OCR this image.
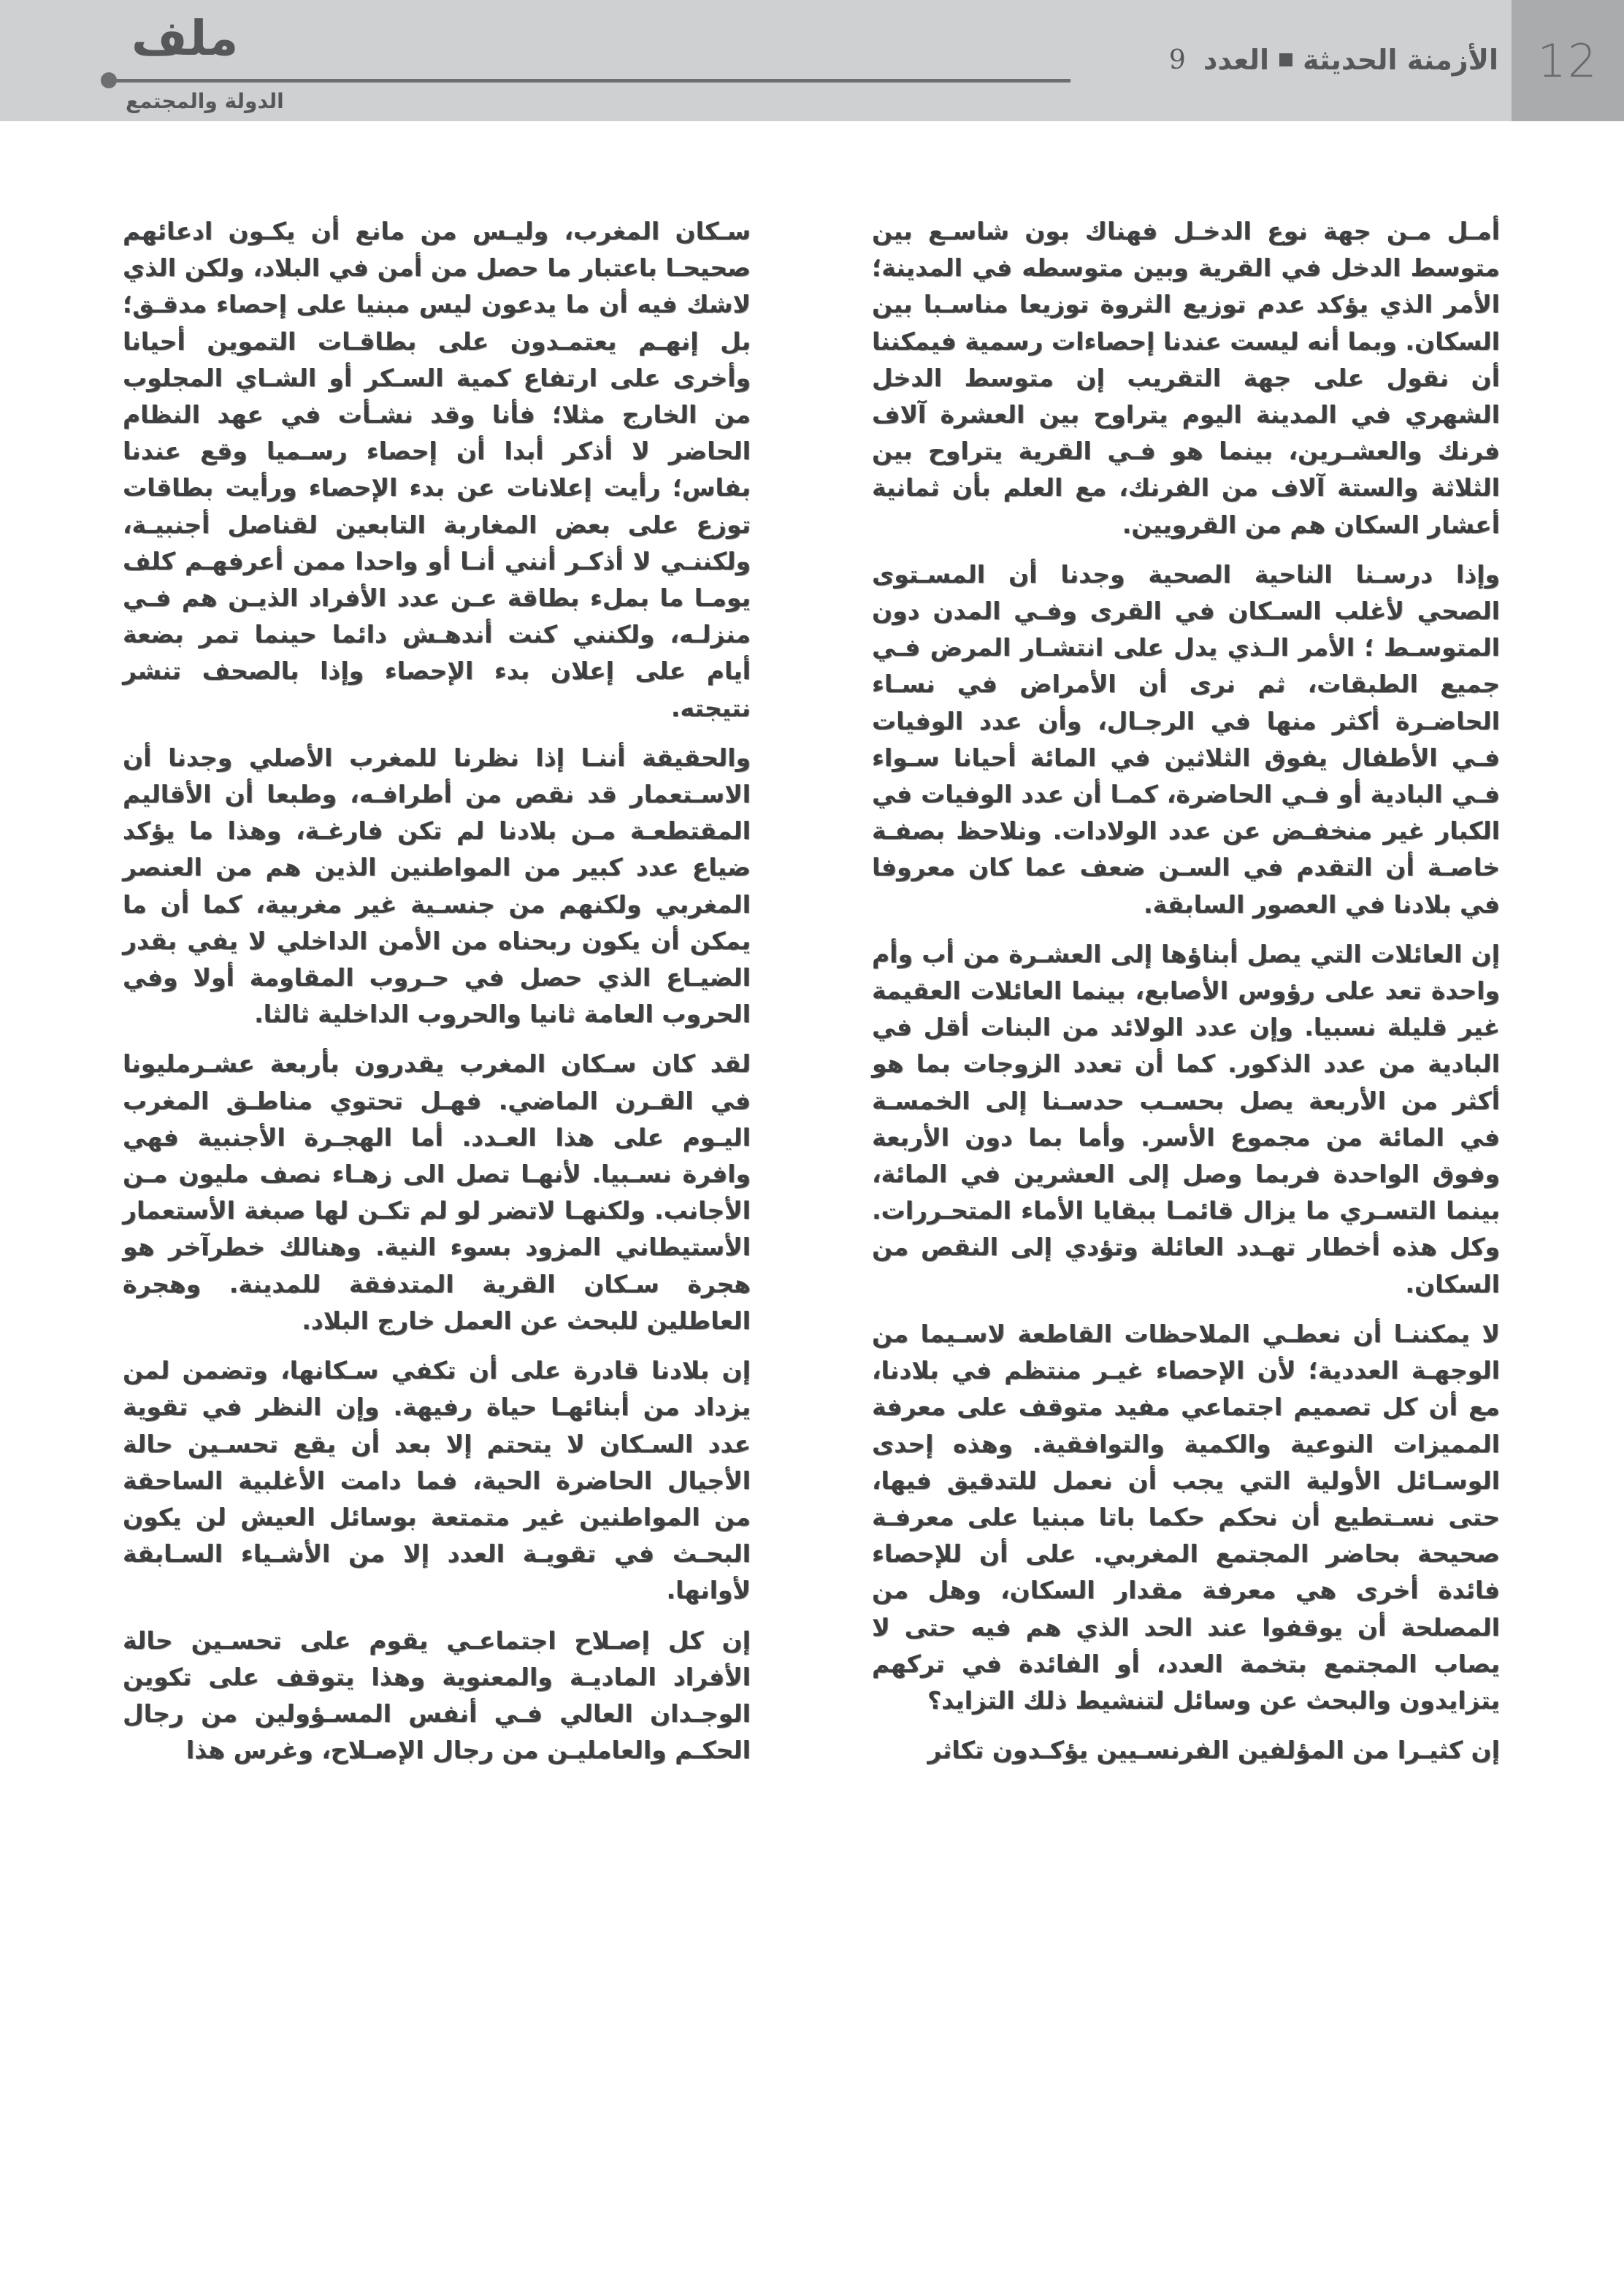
12
الأزمنة الحديثة
العدد
9
ملف
الدولة والمجتمع

أمـل مـن جهة نوع الدخـل فهناك بون شاسـع بين متوسط الدخل في القرية وبين متوسطه في المدينة؛ الأمر الذي يؤكد عدم توزيع الثروة توزيعا مناسـبا بين السكان. وبما أنه ليست عندنا إحصاءات رسمية فيمكننا أن نقول على جهة التقريب إن متوسط الدخل الشهري في المدينة اليوم يتراوح بين العشرة آلاف فرنك والعشـرين، بينما هو فـي القرية يتراوح بين الثلاثة والستة آلاف من الفرنك، مع العلم بأن ثمانية أعشار السكان هم من القرويين.

وإذا درسـنا الناحية الصحية وجدنا أن المسـتوى الصحي لأغلب السـكان في القرى وفـي المدن دون المتوسـط ؛ الأمر الـذي يدل على انتشـار المرض فـي جميع الطبقات، ثم نرى أن الأمراض في نسـاء الحاضـرة أكثر منها في الرجـال، وأن عدد الوفيات فـي الأطفال يفوق الثلاثين في المائة أحيانا سـواء فـي البادية أو فـي الحاضرة، كمـا أن عدد الوفيات في الكبار غير منخفـض عن عدد الولادات. ونلاحظ بصفـة خاصـة أن التقدم في السـن ضعف عما كان معروفا في بلادنا في العصور السابقة.

إن العائلات التي يصل أبناؤها إلى العشـرة من أب وأم واحدة تعد على رؤوس الأصابع، بينما العائلات العقيمة غير قليلة نسبيا. وإن عدد الولائد من البنات أقل في البادية من عدد الذكور. كما أن تعدد الزوجات بما هو أكثر من الأربعة يصل بحسـب حدسـنا إلى الخمسـة في المائة من مجموع الأسر. وأما بما دون الأربعة وفوق الواحدة فربما وصل إلى العشرين في المائة، بينما التسـري ما يزال قائمـا ببقايا الأماء المتحـررات. وكل هذه أخطار تهـدد العائلة وتؤدي إلى النقص من السكان.

لا يمكننـا أن نعطـي الملاحظات القاطعة لاسـيما من الوجهـة العددية؛ لأن الإحصاء غيـر منتظم في بلادنا، مع أن كل تصميم اجتماعي مفيد متوقف على معرفة المميزات النوعية والكمية والتوافقية. وهذه إحدى الوسـائل الأولية التي يجب أن نعمل للتدقيق فيها، حتى نسـتطيع أن نحكم حكما باتا مبنيا على معرفـة صحيحة بحاضر المجتمع المغربي. على أن للإحصاء فائدة أخرى هي معرفة مقدار السكان، وهل من المصلحة أن يوقفوا عند الحد الذي هم فيه حتى لا يصاب المجتمع بتخمة العدد، أو الفائدة في تركهم يتزايدون والبحث عن وسائل لتنشيط ذلك التزايد؟

إن كثيـرا من المؤلفين الفرنسـيين يؤكـدون تكاثر

سـكان المغرب، وليـس من مانع أن يكـون ادعائهم صحيحـا باعتبار ما حصل من أمن في البلاد، ولكن الذي لاشك فيه أن ما يدعون ليس مبنيا على إحصاء مدقـق؛ بل إنهـم يعتمـدون على بطاقـات التموين أحيانا وأخرى على ارتفاع كمية السـكر أو الشـاي المجلوب من الخارج مثلا؛ فأنا وقد نشـأت في عهد النظام الحاضر لا أذكر أبدا أن إحصاء رسـميا وقع عندنا بفاس؛ رأيت إعلانات عن بدء الإحصاء ورأيت بطاقات توزع على بعض المغاربة التابعين لقناصل أجنبيـة، ولكننـي لا أذكـر أنني أنـا أو واحدا ممن أعرفهـم كلف يومـا ما بملء بطاقة عـن عدد الأفراد الذيـن هم فـي منزلـه، ولكنني كنت أندهـش دائما حينما تمر بضعة أيام على إعلان بدء الإحصاء وإذا بالصحف تنشر نتيجته.

والحقيقة أننـا إذا نظرنا للمغرب الأصلي وجدنا أن الاسـتعمار قد نقص من أطرافـه، وطبعا أن الأقاليم المقتطعـة مـن بلادنا لم تكن فارغـة، وهذا ما يؤكد ضياع عدد كبير من المواطنين الذين هم من العنصر المغربي ولكنهم من جنسـية غير مغربية، كما أن ما يمكن أن يكون ربحناه من الأمن الداخلي لا يفي بقدر الضيـاع الذي حصل في حـروب المقاومة أولا وفي الحروب العامة ثانيا والحروب الداخلية ثالثا.

لقد كان سـكان المغرب يقدرون بأربعة عشـرمليونا في القـرن الماضي. فهـل تحتوي مناطـق المغرب اليـوم على هذا العـدد. أما الهجـرة الأجنبية فهي وافرة نسـبيا. لأنهـا تصل الى زهـاء نصف مليون مـن الأجانب. ولكنهـا لاتضر لو لم تكـن لها صبغة الأستعمار الأستيطاني المزود بسوء النية. وهنالك خطرآخر هو هجرة سـكان القرية المتدفقة للمدينة. وهجرة العاطلين للبحث عن العمل خارج البلاد.

إن بلادنا قادرة على أن تكفي سـكانها، وتضمن لمن يزداد من أبنائهـا حياة رفيهة. وإن النظر في تقوية عدد السـكان لا يتحتم إلا بعد أن يقع تحسـين حالة الأجيال الحاضرة الحية، فما دامت الأغلبية الساحقة من المواطنين غير متمتعة بوسائل العيش لن يكون البحـث في تقويـة العدد إلا من الأشـياء السـابقة لأوانها.

إن كل إصـلاح اجتماعـي يقوم على تحسـين حالة الأفراد الماديـة والمعنوية وهذا يتوقف على تكوين الوجـدان العالي فـي أنفس المسـؤولين من رجال الحكـم والعامليـن من رجال الإصـلاح، وغرس هذا
